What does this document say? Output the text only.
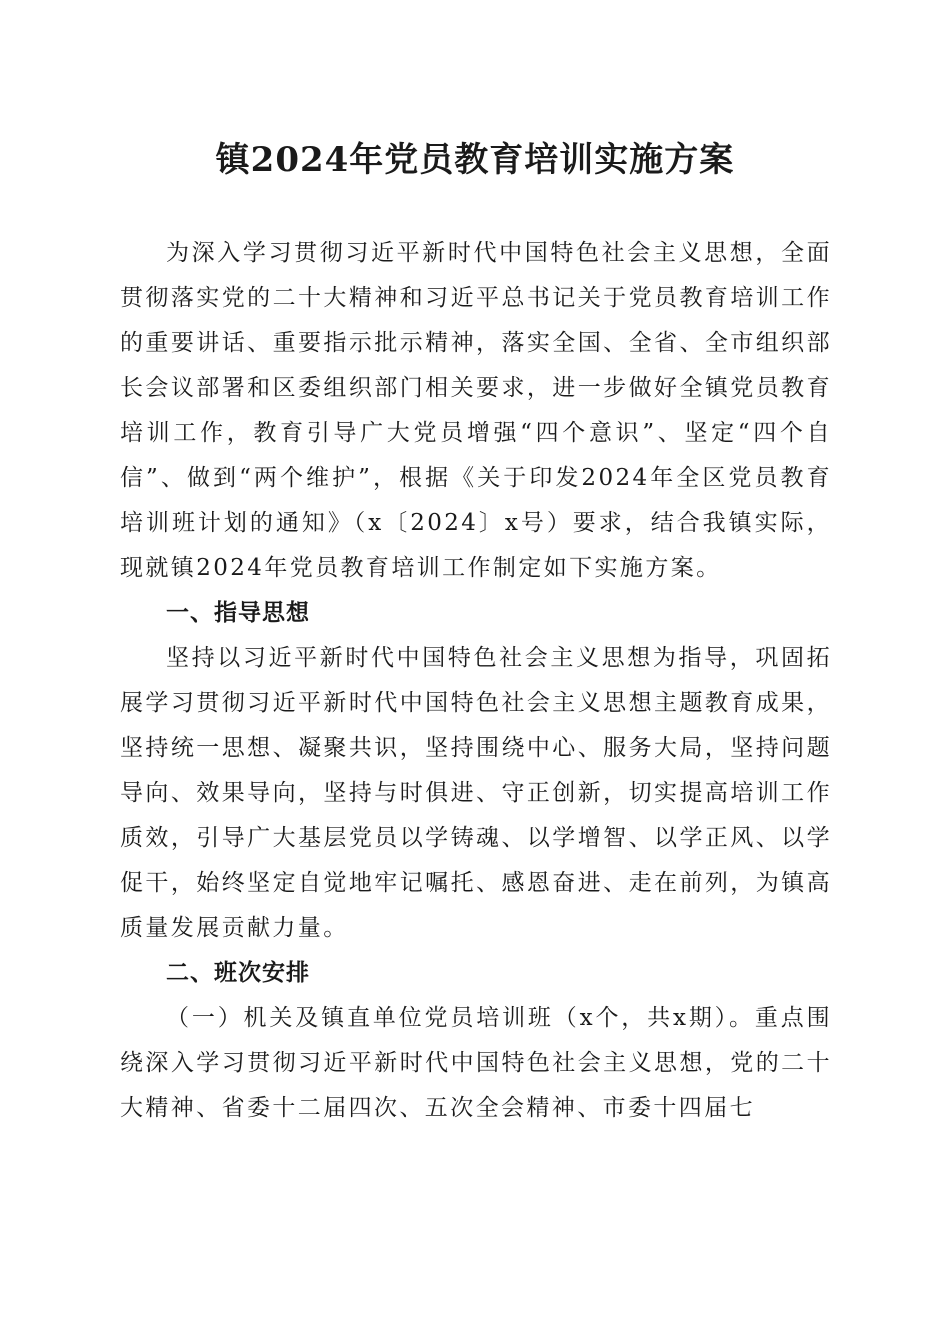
镇2024年党员教育培训实施方案

为深入学习贯彻习近平新时代中国特色社会主义思想，全面贯彻落实党的二十大精神和习近平总书记关于党员教育培训工作的重要讲话、重要指示批示精神，落实全国、全省、全市组织部长会议部署和区委组织部门相关要求，进一步做好全镇党员教育培训工作，教育引导广大党员增强“四个意识”、坚定“四个自信”、做到“两个维护”，根据《关于印发2024年全区党员教育培训班计划的通知》（x〔2024〕x号）要求，结合我镇实际，现就镇2024年党员教育培训工作制定如下实施方案。

一、指导思想

坚持以习近平新时代中国特色社会主义思想为指导，巩固拓展学习贯彻习近平新时代中国特色社会主义思想主题教育成果，坚持统一思想、凝聚共识，坚持围绕中心、服务大局，坚持问题导向、效果导向，坚持与时俱进、守正创新，切实提高培训工作质效，引导广大基层党员以学铸魂、以学增智、以学正风、以学促干，始终坚定自觉地牢记嘱托、感恩奋进、走在前列，为镇高质量发展贡献力量。

二、班次安排

（一）机关及镇直单位党员培训班（x个，共x期）。重点围绕深入学习贯彻习近平新时代中国特色社会主义思想，党的二十大精神、省委十二届四次、五次全会精神、市委十四届七
